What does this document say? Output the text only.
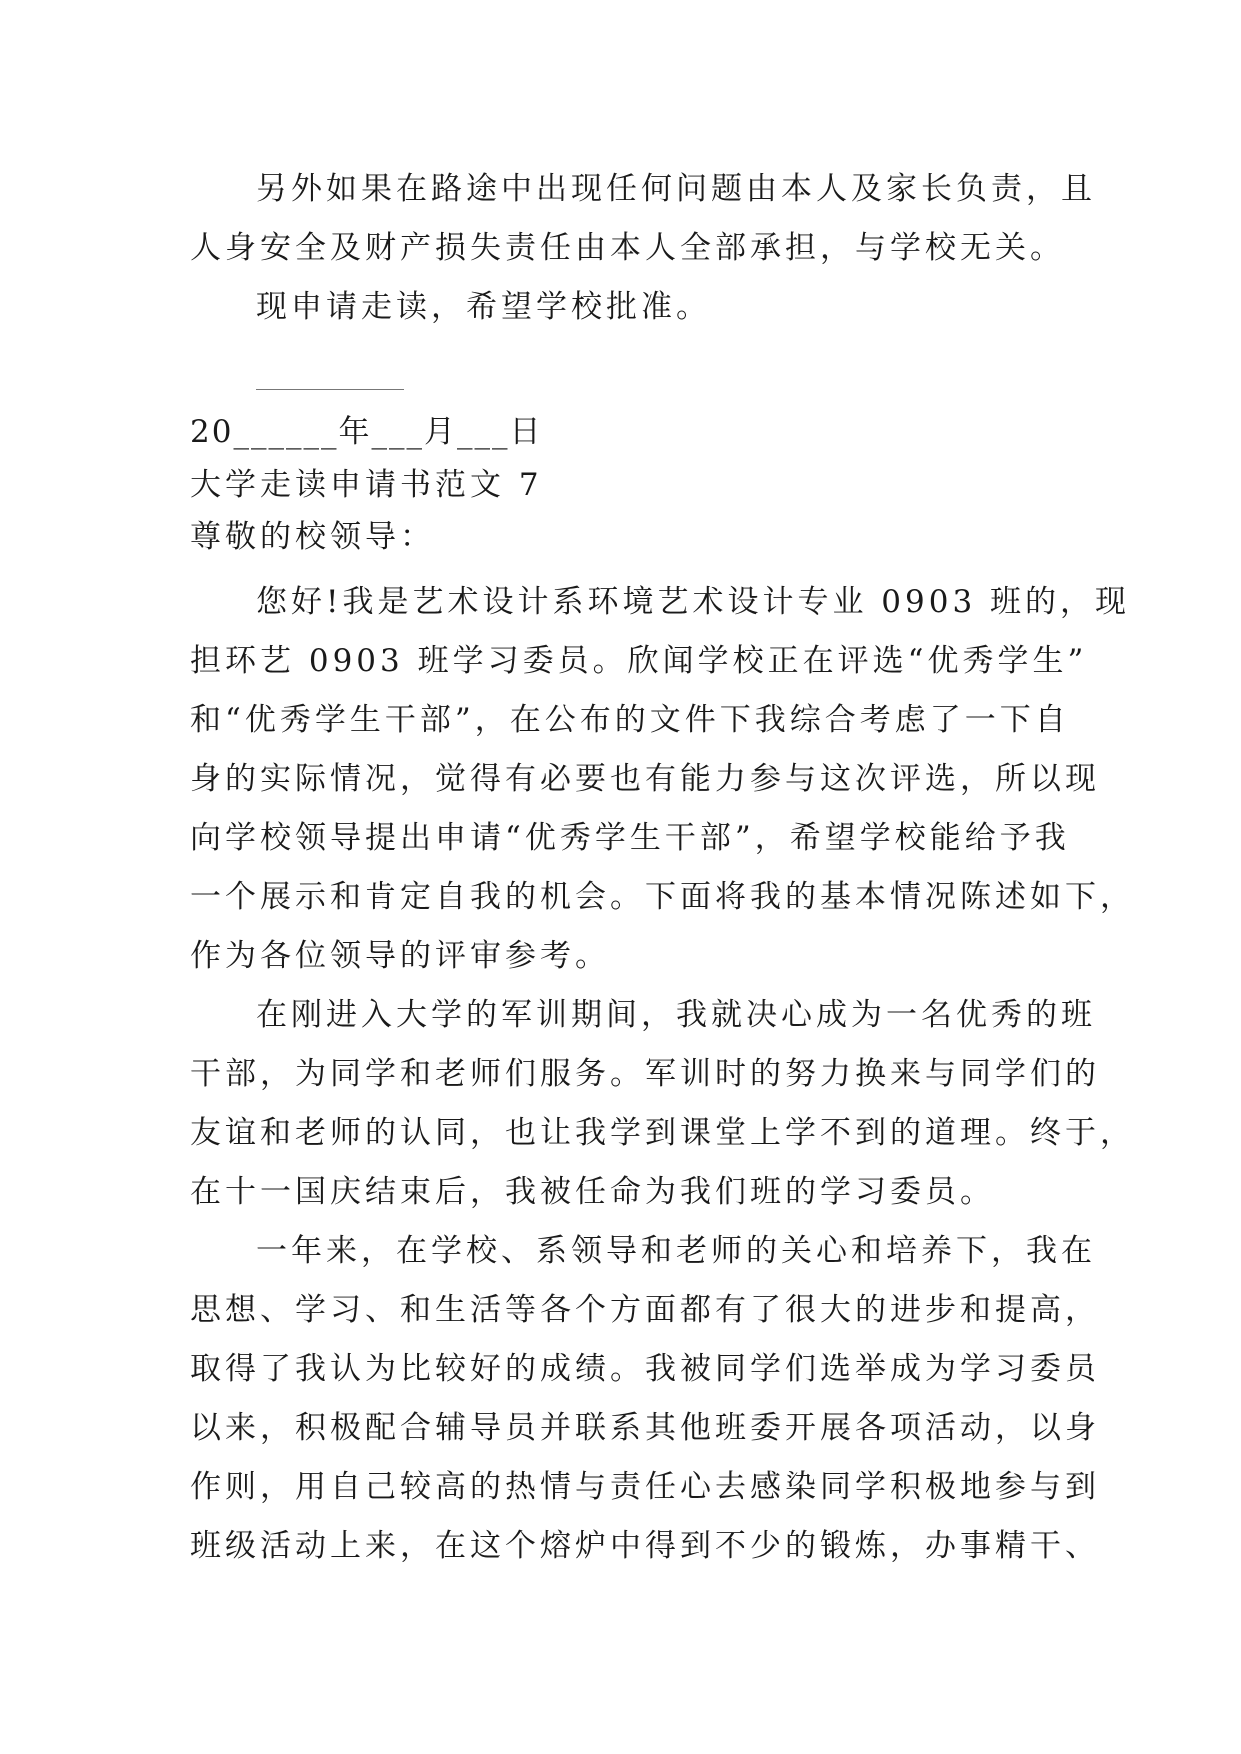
另外如果在路途中出现任何问题由本人及家长负责，且

人身安全及财产损失责任由本人全部承担，与学校无关。

现申请走读，希望学校批准。

20______年___月___日

大学走读申请书范文 7

尊敬的校领导：

您好!我是艺术设计系环境艺术设计专业 0903 班的，现

担环艺 0903 班学习委员。欣闻学校正在评选“优秀学生”

和“优秀学生干部”，在公布的文件下我综合考虑了一下自

身的实际情况，觉得有必要也有能力参与这次评选，所以现

向学校领导提出申请“优秀学生干部”，希望学校能给予我

一个展示和肯定自我的机会。下面将我的基本情况陈述如下，

作为各位领导的评审参考。

在刚进入大学的军训期间，我就决心成为一名优秀的班

干部，为同学和老师们服务。军训时的努力换来与同学们的

友谊和老师的认同，也让我学到课堂上学不到的道理。终于，

在十一国庆结束后，我被任命为我们班的学习委员。

一年来，在学校、系领导和老师的关心和培养下，我在

思想、学习、和生活等各个方面都有了很大的进步和提高，

取得了我认为比较好的成绩。我被同学们选举成为学习委员

以来，积极配合辅导员并联系其他班委开展各项活动，以身

作则，用自己较高的热情与责任心去感染同学积极地参与到

班级活动上来，在这个熔炉中得到不少的锻炼，办事精干、
